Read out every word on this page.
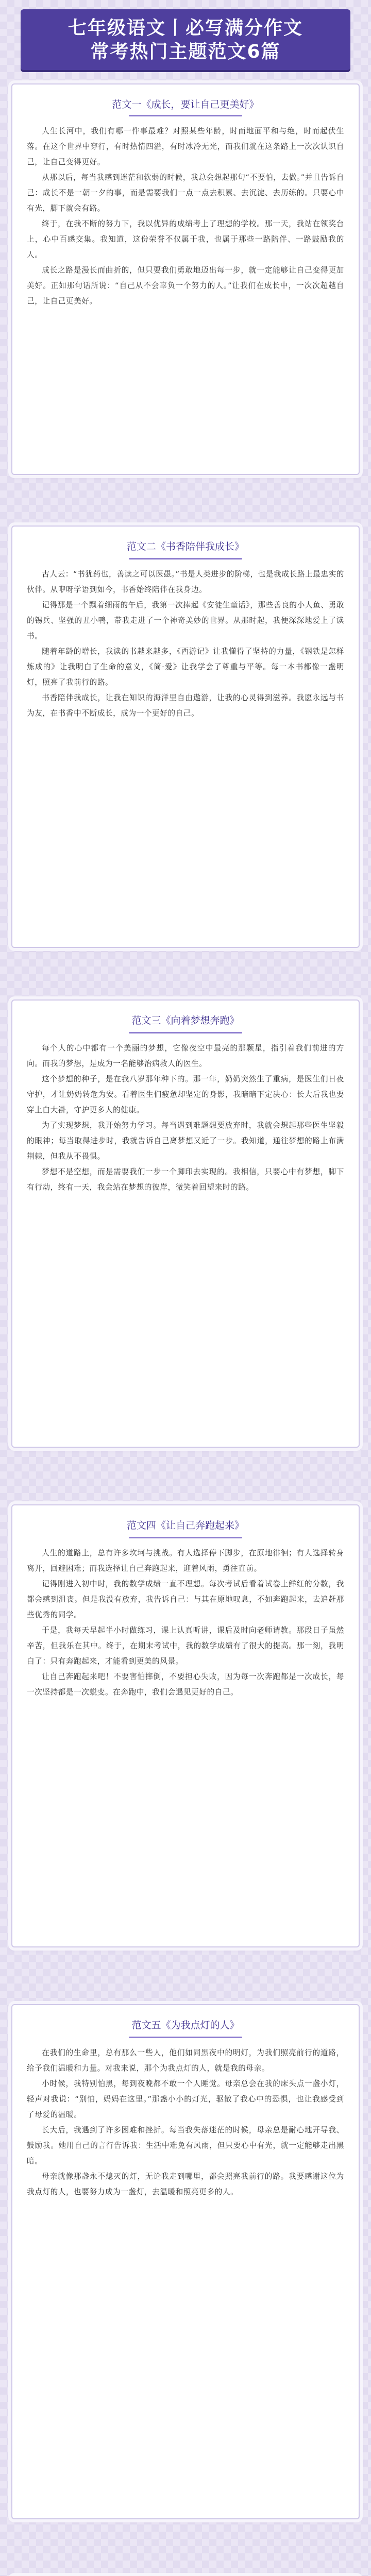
七年级语文丨必写满分作文
常考热门主题范文6篇
范文一《成长，要让自己更美好》

人生长河中，我们有哪一件事最难？对照某些年龄，时而地面平和与绝，时而起伏生落。在这个世界中穿行，有时热情四溢，有时冰冷无光，而我们就在这条路上一次次认识自己，让自己变得更好。

从那以后，每当我感到迷茫和软弱的时候，我总会想起那句“不要怕，去做。”并且告诉自己：成长不是一朝一夕的事，而是需要我们一点一点去积累、去沉淀、去历练的。只要心中有光，脚下就会有路。

终于，在我不断的努力下，我以优异的成绩考上了理想的学校。那一天，我站在领奖台上，心中百感交集。我知道，这份荣誉不仅属于我，也属于那些一路陪伴、一路鼓励我的人。

成长之路是漫长而曲折的，但只要我们勇敢地迈出每一步，就一定能够让自己变得更加美好。正如那句话所说：“自己从不会辜负一个努力的人。”让我们在成长中，一次次超越自己，让自己更美好。

范文二《书香陪伴我成长》

古人云：“书犹药也，善读之可以医愚。”书是人类进步的阶梯，也是我成长路上最忠实的伙伴。从咿呀学语到如今，书香始终陪伴在我身边。

记得那是一个飘着细雨的午后，我第一次捧起《安徒生童话》，那些善良的小人鱼、勇敢的锡兵、坚强的丑小鸭，带我走进了一个神奇美妙的世界。从那时起，我便深深地爱上了读书。

随着年龄的增长，我读的书越来越多，《西游记》让我懂得了坚持的力量，《钢铁是怎样炼成的》让我明白了生命的意义，《简·爱》让我学会了尊重与平等。每一本书都像一盏明灯，照亮了我前行的路。

书香陪伴我成长，让我在知识的海洋里自由遨游，让我的心灵得到滋养。我愿永远与书为友，在书香中不断成长，成为一个更好的自己。

范文三《向着梦想奔跑》

每个人的心中都有一个美丽的梦想，它像夜空中最亮的那颗星，指引着我们前进的方向。而我的梦想，是成为一名能够治病救人的医生。

这个梦想的种子，是在我八岁那年种下的。那一年，奶奶突然生了重病，是医生们日夜守护，才让奶奶转危为安。看着医生们疲惫却坚定的身影，我暗暗下定决心：长大后我也要穿上白大褂，守护更多人的健康。

为了实现梦想，我开始努力学习。每当遇到难题想要放弃时，我就会想起那些医生坚毅的眼神；每当取得进步时，我就告诉自己离梦想又近了一步。我知道，通往梦想的路上布满荆棘，但我从不畏惧。

梦想不是空想，而是需要我们一步一个脚印去实现的。我相信，只要心中有梦想，脚下有行动，终有一天，我会站在梦想的彼岸，微笑着回望来时的路。

范文四《让自己奔跑起来》

人生的道路上，总有许多坎坷与挑战。有人选择停下脚步，在原地徘徊；有人选择转身离开，回避困难；而我选择让自己奔跑起来，迎着风雨，勇往直前。

记得刚进入初中时，我的数学成绩一直不理想。每次考试后看着试卷上鲜红的分数，我都会感到沮丧。但是我没有放弃，我告诉自己：与其在原地叹息，不如奔跑起来，去追赶那些优秀的同学。

于是，我每天早起半小时做练习，课上认真听讲，课后及时向老师请教。那段日子虽然辛苦，但我乐在其中。终于，在期末考试中，我的数学成绩有了很大的提高。那一刻，我明白了：只有奔跑起来，才能看到更美的风景。

让自己奔跑起来吧！不要害怕摔倒，不要担心失败，因为每一次奔跑都是一次成长，每一次坚持都是一次蜕变。在奔跑中，我们会遇见更好的自己。

范文五《为我点灯的人》

在我们的生命里，总有那么一些人，他们如同黑夜中的明灯，为我们照亮前行的道路，给予我们温暖和力量。对我来说，那个为我点灯的人，就是我的母亲。

小时候，我特别怕黑，每到夜晚都不敢一个人睡觉。母亲总会在我的床头点一盏小灯，轻声对我说：“别怕，妈妈在这里。”那盏小小的灯光，驱散了我心中的恐惧，也让我感受到了母爱的温暖。

长大后，我遇到了许多困难和挫折。每当我失落迷茫的时候，母亲总是耐心地开导我、鼓励我。她用自己的言行告诉我：生活中难免有风雨，但只要心中有光，就一定能够走出黑暗。

母亲就像那盏永不熄灭的灯，无论我走到哪里，都会照亮我前行的路。我要感谢这位为我点灯的人，也要努力成为一盏灯，去温暖和照亮更多的人。
